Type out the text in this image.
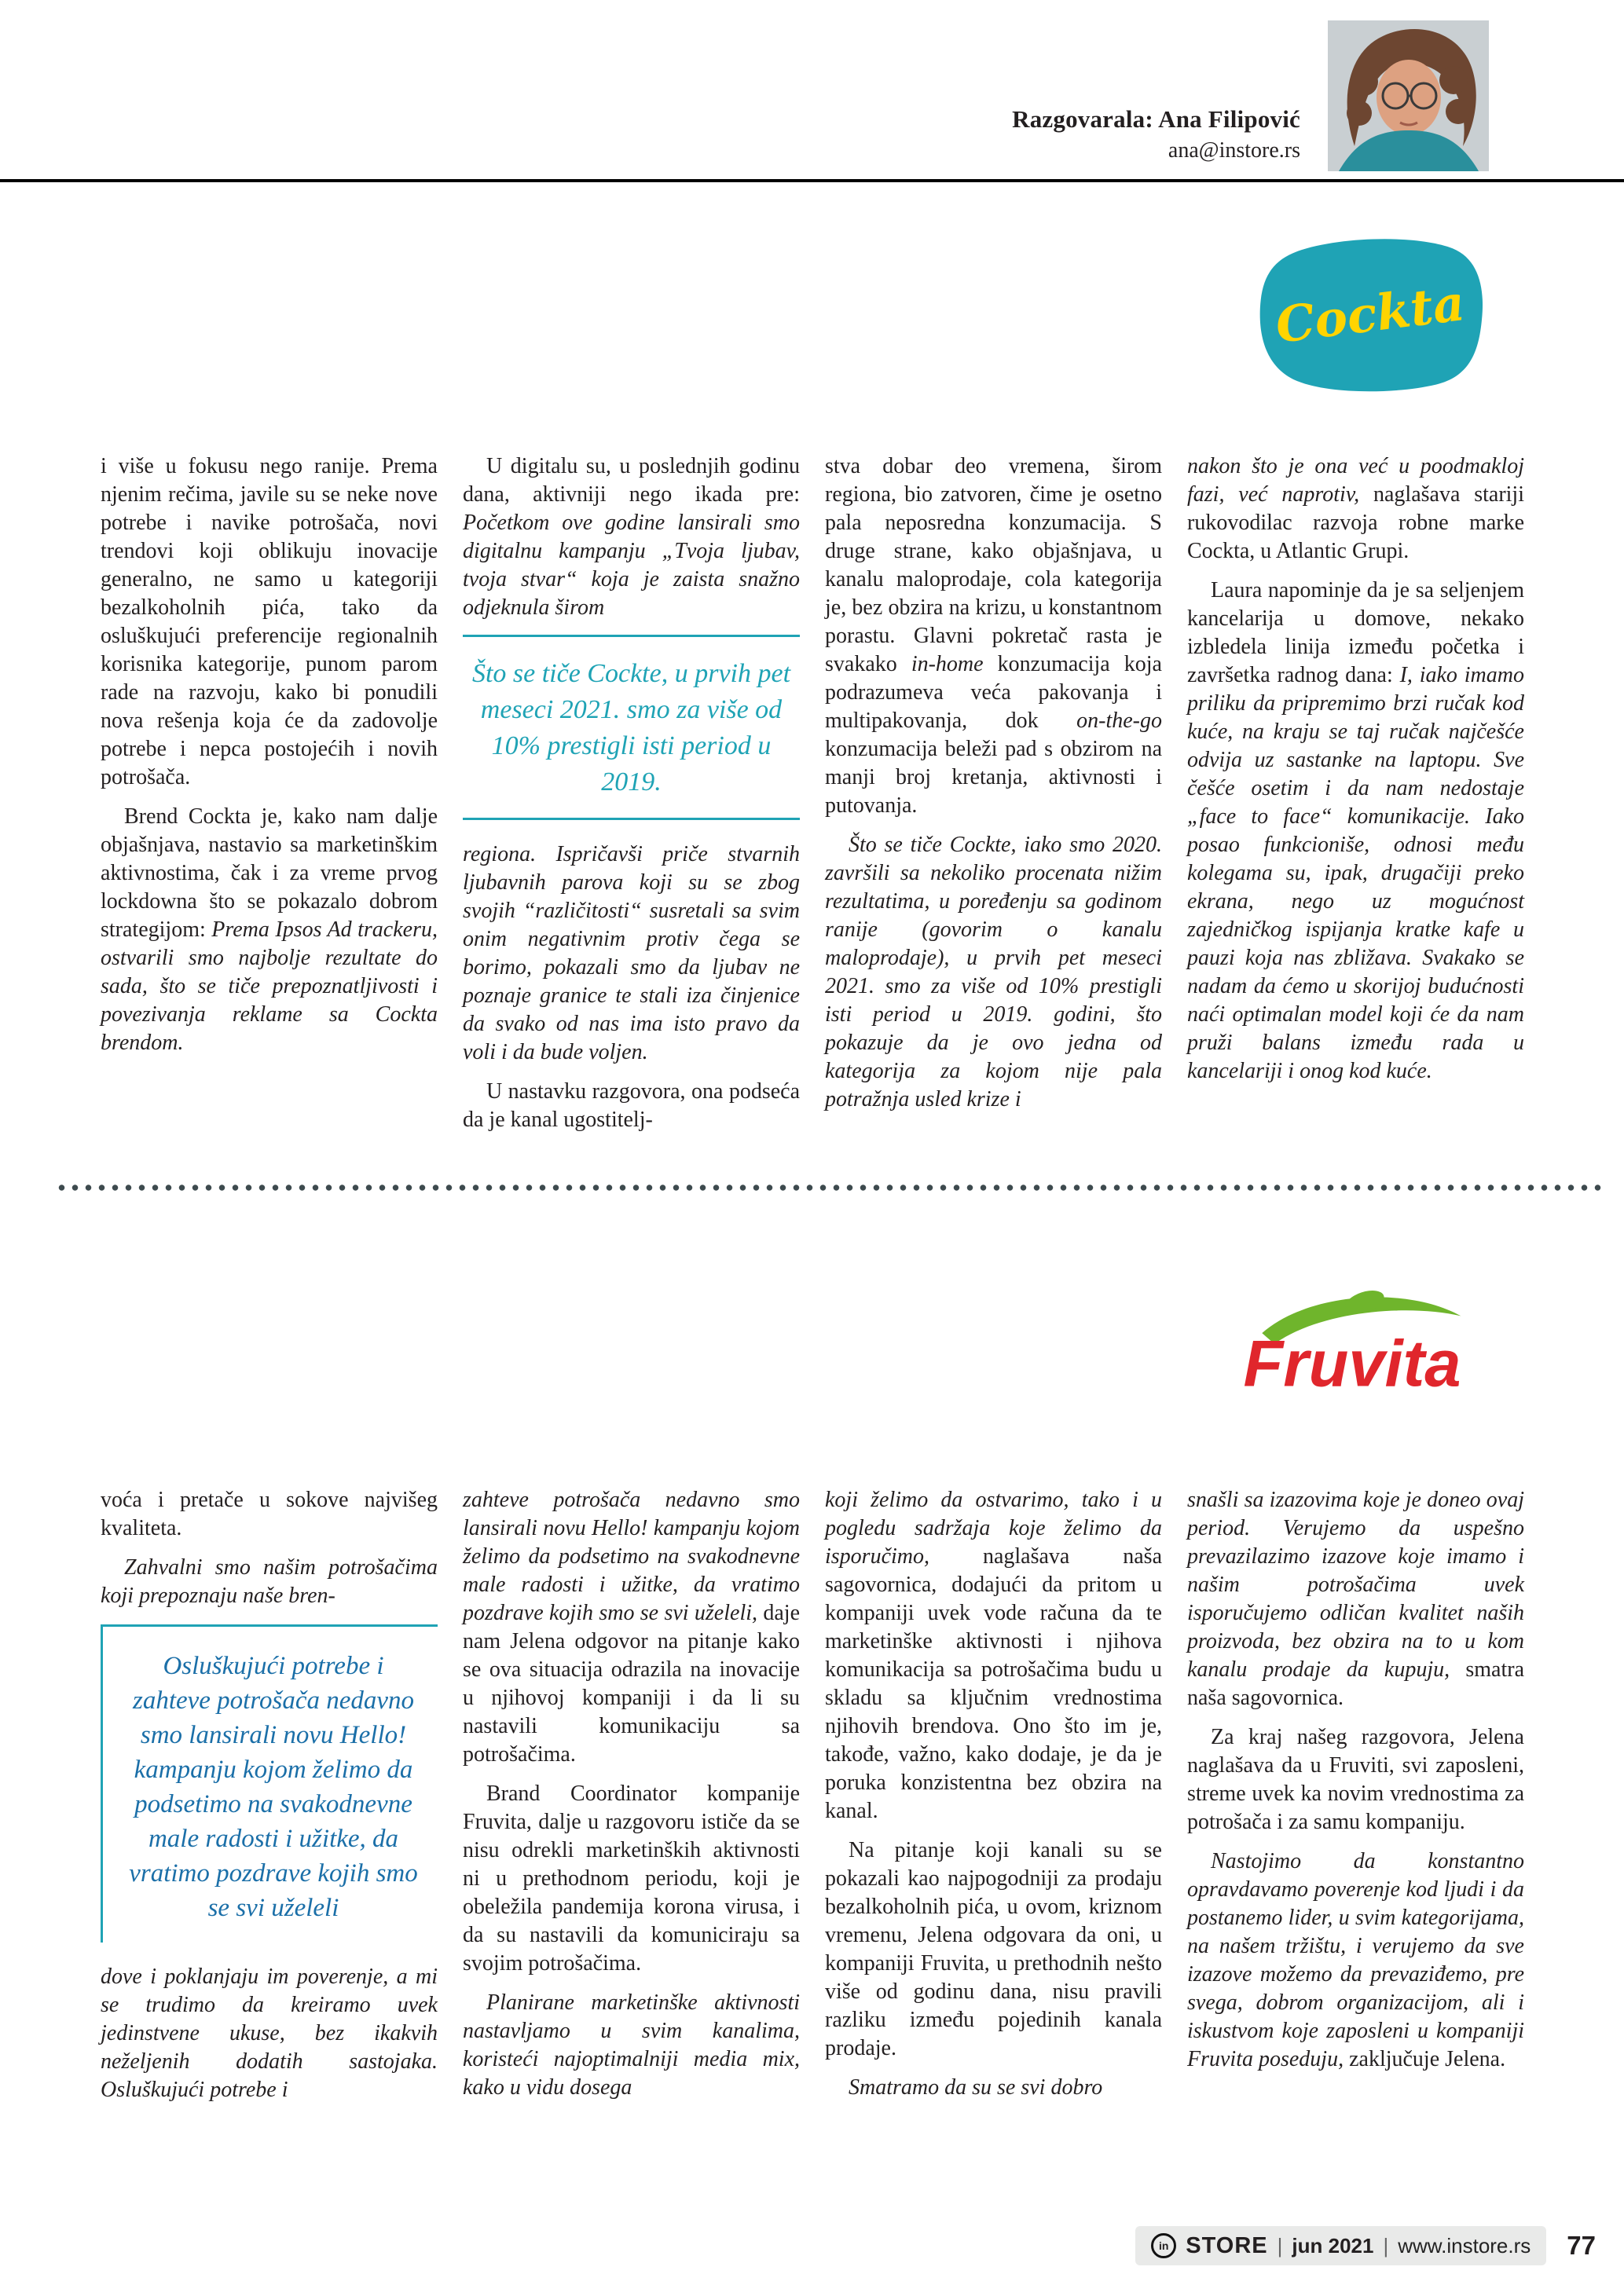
Razgovarala: Ana Filipović
ana@instore.rs
Cockta

i više u fokusu nego ranije. Prema njenim rečima, javile su se neke nove potrebe i navike potrošača, novi trendovi koji oblikuju inovacije generalno, ne samo u kategoriji bezalkoholnih pića, tako da osluškujući preferencije regionalnih korisnika kategorije, punom parom rade na razvoju, kako bi ponudili nova rešenja koja će da zadovolje potrebe i nepca postojećih i novih potrošača.

Brend Cockta je, kako nam dalje objašnjava, nastavio sa marketinškim aktivnostima, čak i za vreme prvog lockdowna što se pokazalo dobrom strategijom: Prema Ipsos Ad trackeru, ostvarili smo najbolje rezultate do sada, što se tiče prepoznatljivosti i povezivanja reklame sa Cockta brendom.

U digitalu su, u poslednjih godinu dana, aktivniji nego ikada pre: Početkom ove godine lansirali smo digitalnu kampanju „Tvoja ljubav, tvoja stvar“ koja je zaista snažno odjeknula širom

Što se tiče Cockte, u prvih pet meseci 2021. smo za više od 10% prestigli isti period u 2019.

regiona. Ispričavši priče stvarnih ljubavnih parova koji su se zbog svojih “različitosti“ susretali sa svim onim negativnim protiv čega se borimo, pokazali smo da ljubav ne poznaje granice te stali iza činjenice da svako od nas ima isto pravo da voli i da bude voljen.

U nastavku razgovora, ona podseća da je kanal ugostitelj-

stva dobar deo vremena, širom regiona, bio zatvoren, čime je osetno pala neposredna konzumacija. S druge strane, kako objašnjava, u kanalu maloprodaje, cola kategorija je, bez obzira na krizu, u konstantnom porastu. Glavni pokretač rasta je svakako in-home konzumacija koja podrazumeva veća pakovanja i multipakovanja, dok on-the-go konzumacija beleži pad s obzirom na manji broj kretanja, aktivnosti i putovanja.

Što se tiče Cockte, iako smo 2020. završili sa nekoliko procenata nižim rezultatima, u poređenju sa godinom ranije (govorim o kanalu maloprodaje), u prvih pet meseci 2021. smo za više od 10% prestigli isti period u 2019. godini, što pokazuje da je ovo jedna od kategorija za kojom nije pala potražnja usled krize i

nakon što je ona već u poodmakloj fazi, već naprotiv, naglašava stariji rukovodilac razvoja robne marke Cockta, u Atlantic Grupi.

Laura napominje da je sa seljenjem kancelarija u domove, nekako izbledela linija između početka i završetka radnog dana: I, iako imamo priliku da pripremimo brzi ručak kod kuće, na kraju se taj ručak najčešće odvija uz sastanke na laptopu. Sve češće osetim i da nam nedostaje „face to face“ komunikacije. Iako posao funkcioniše, odnosi među kolegama su, ipak, drugačiji preko ekrana, nego uz mogućnost zajedničkog ispijanja kratke kafe u pauzi koja nas zbližava. Svakako se nadam da ćemo u skorijoj budućnosti naći optimalan model koji će da nam pruži balans između rada u kancelariji i onog kod kuće.

Fruvita

voća i pretače u sokove najvišeg kvaliteta.

Zahvalni smo našim potrošačima koji prepoznaju naše bren-

Osluškujući potrebe i zahteve potrošača nedavno smo lansirali novu Hello! kampanju kojom želimo da podsetimo na svakodnevne male radosti i užitke, da vratimo pozdrave kojih smo se svi uželeli

dove i poklanjaju im poverenje, a mi se trudimo da kreiramo uvek jedinstvene ukuse, bez ikakvih neželjenih dodatih sastojaka. Osluškujući potrebe i

zahteve potrošača nedavno smo lansirali novu Hello! kampanju kojom želimo da podsetimo na svakodnevne male radosti i užitke, da vratimo pozdrave kojih smo se svi uželeli, daje nam Jelena odgovor na pitanje kako se ova situacija odrazila na inovacije u njihovoj kompaniji i da li su nastavili komunikaciju sa potrošačima.

Brand Coordinator kompanije Fruvita, dalje u razgovoru ističe da se nisu odrekli marketinških aktivnosti ni u prethodnom periodu, koji je obeležila pandemija korona virusa, i da su nastavili da komuniciraju sa svojim potrošačima.

Planirane marketinške aktivnosti nastavljamo u svim kanalima, koristeći najoptimalniji media mix, kako u vidu dosega

koji želimo da ostvarimo, tako i u pogledu sadržaja koje želimo da isporučimo, naglašava naša sagovornica, dodajući da pritom u kompaniji uvek vode računa da te marketinške aktivnosti i njihova komunikacija sa potrošačima budu u skladu sa ključnim vrednostima njihovih brendova. Ono što im je, takođe, važno, kako dodaje, je da je poruka konzistentna bez obzira na kanal.

Na pitanje koji kanali su se pokazali kao najpogodniji za prodaju bezalkoholnih pića, u ovom, kriznom vremenu, Jelena odgovara da oni, u kompaniji Fruvita, u prethodnih nešto više od godinu dana, nisu pravili razliku između pojedinih kanala prodaje.

Smatramo da su se svi dobro

snašli sa izazovima koje je doneo ovaj period. Verujemo da uspešno prevazilazimo izazove koje imamo i našim potrošačima uvek isporučujemo odličan kvalitet naših proizvoda, bez obzira na to u kom kanalu prodaje da kupuju, smatra naša sagovornica.

Za kraj našeg razgovora, Jelena naglašava da u Fruviti, svi zaposleni, streme uvek ka novim vrednostima za potrošača i za samu kompaniju.

Nastojimo da konstantno opravdavamo poverenje kod ljudi i da postanemo lider, u svim kategorijama, na našem tržištu, i verujemo da sve izazove možemo da prevaziđemo, pre svega, dobrom organizacijom, ali i iskustvom koje zaposleni u kompaniji Fruvita poseduju, zaključuje Jelena.

in STORE | jun 2021 | www.instore.rs 77
